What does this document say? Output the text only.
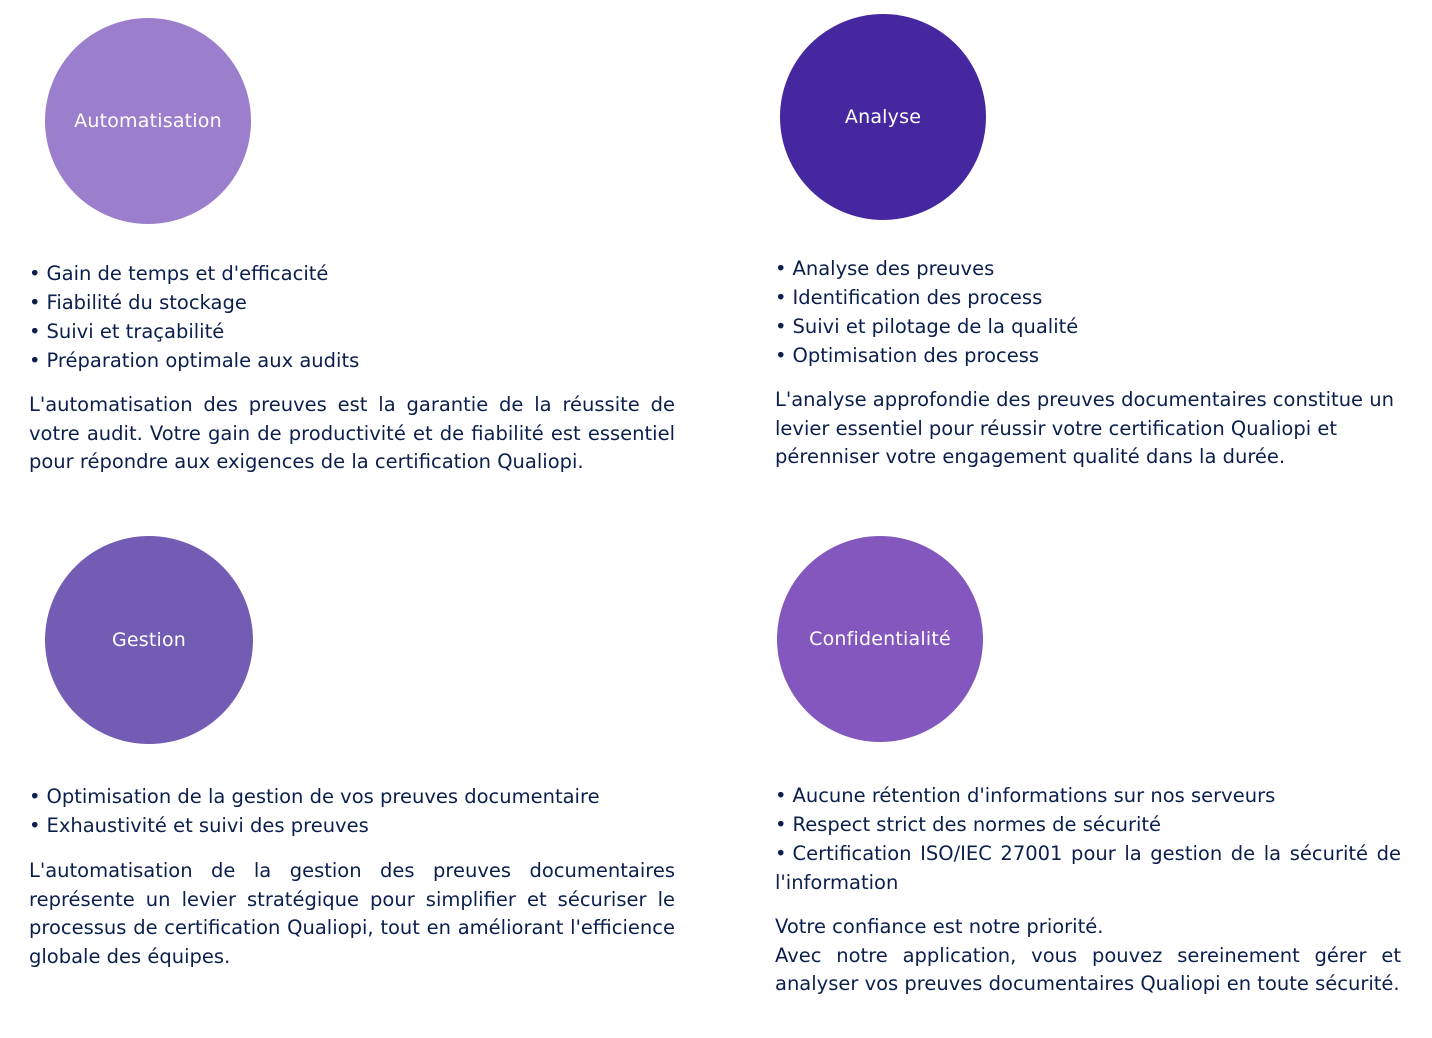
Automatisation
• Gain de temps et d'efficacité
• Fiabilité du stockage
• Suivi et traçabilité
• Préparation optimale aux audits

L'automatisation des preuves est la garantie de la réussite de votre audit. Votre gain de productivité et de fiabilité est essentiel pour répondre aux exigences de la certification Qualiopi.

Analyse
• Analyse des preuves
• Identification des process
• Suivi et pilotage de la qualité
• Optimisation des process

L'analyse approfondie des preuves documentaires constitue un levier essentiel pour réussir votre certification Qualiopi et pérenniser votre engagement qualité dans la durée.

Gestion
• Optimisation de la gestion de vos preuves documentaire
• Exhaustivité et suivi des preuves

L'automatisation de la gestion des preuves documentaires représente un levier stratégique pour simplifier et sécuriser le processus de certification Qualiopi, tout en améliorant l'efficience globale des équipes.

Confidentialité
• Aucune rétention d'informations sur nos serveurs
• Respect strict des normes de sécurité
• Certification ISO/IEC 27001 pour la gestion de la sécurité de l'information
Votre confiance est notre priorité.
Avec notre application, vous pouvez sereinement gérer et analyser vos preuves documentaires Qualiopi en toute sécurité.
